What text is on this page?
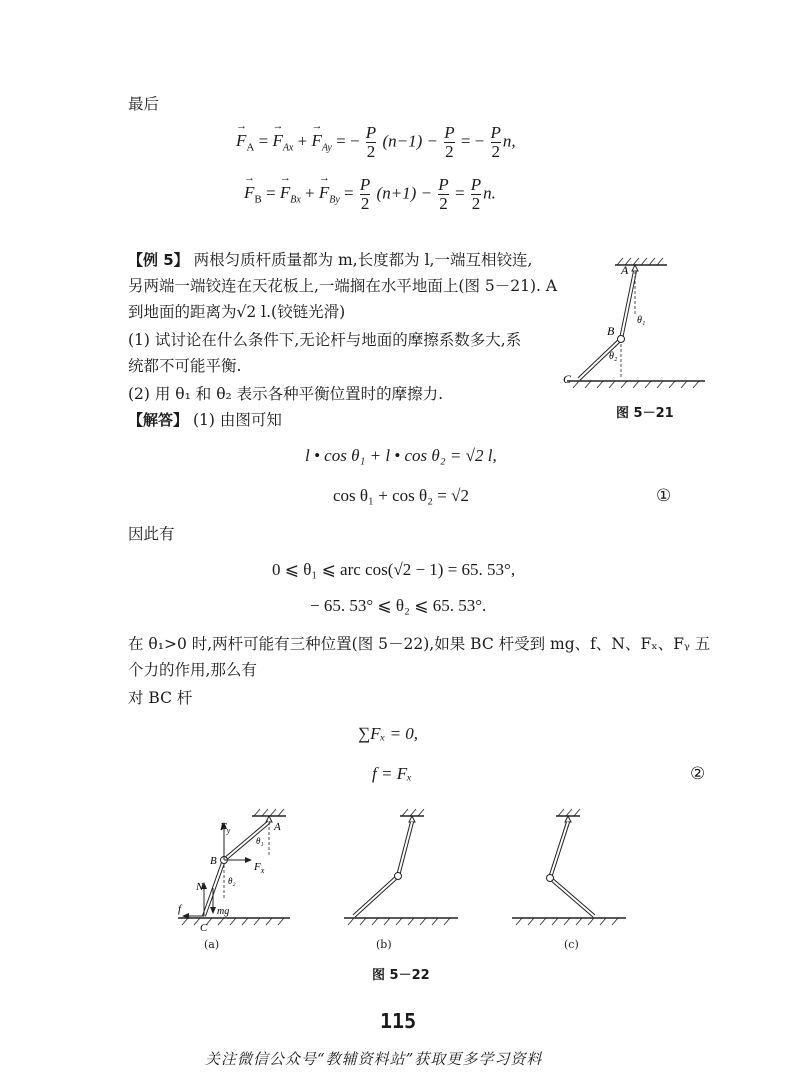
最后
→ $F_A$ = → $F_{Ax}$ + → $F_{Ay}$ = − $\frac{P}{2} (n-1) - \frac{P}{2}$ = − $\frac{P}{2} n$,
→ $F_B$ = → $F_{Bx}$ + → $F_{By} = \frac{P}{2} (n+1) - \frac{P}{2} = \frac{P}{2} n$.
【例 5】 两根匀质杆质量都为 m,长度都为 l,一端互相铰连,
另两端一端铰连在天花板上,一端搁在水平地面上(图 5－21). A
到地面的距离为√2 l.(铰链光滑)
(1) 试讨论在什么条件下,无论杆与地面的摩擦系数多大,系
统都不可能平衡.
(2) 用 θ₁ 和 θ₂ 表示各种平衡位置时的摩擦力.
【解答】 (1) 由图可知
A
B
C
θ₁
θ₂
图 5－21
l • cos θ₁ + l • cos θ₂ = √2 l,
cos θ₁ + cos θ₂ = √2	①
因此有
0 ⩽ θ₁ ⩽ arc cos(√2 − 1) = 65. 53°,
− 65. 53° ⩽ θ₂ ⩽ 65. 53°.
在 θ₁>0 时,两杆可能有三种位置(图 5－22),如果 BC 杆受到 mg、f、N、Fₓ、Fᵧ 五
个力的作用,那么有
对 BC 杆
∑Fₓ = 0,
f = Fₓ	②
$F_y$
$F_x$
A
B
C
N
f	mg
θ₁
θ₂
(a)	(b)	(c)
图 5－22
115
关注微信公众号“教辅资料站”获取更多学习资料
